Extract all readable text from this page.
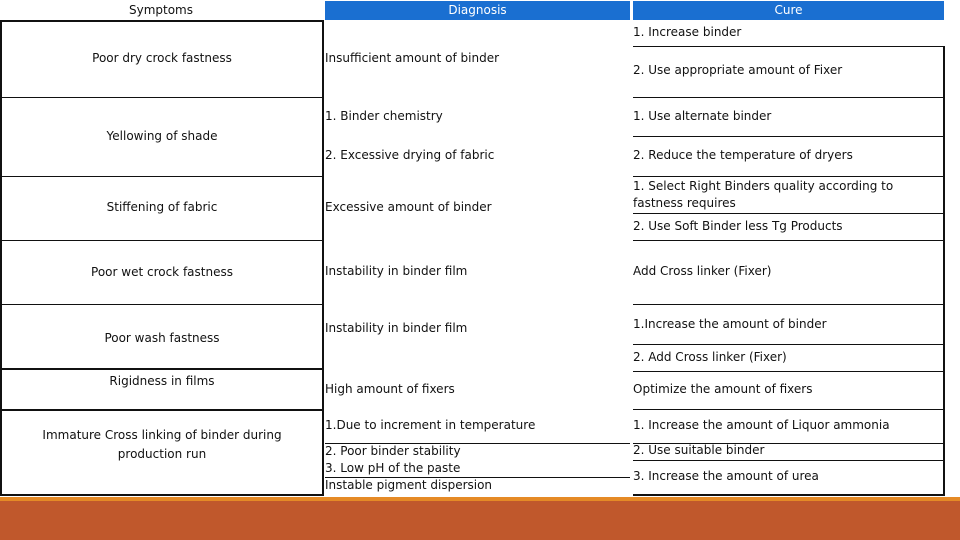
Symptoms	Diagnosis	Cure
Poor dry crock fastness
Yellowing of shade
Stiffening of fabric
Poor wet crock fastness
Poor wash fastness
Rigidness in films
Immature Cross linking of binder during production run
Insufficient amount of binder
1. Binder chemistry
2. Excessive drying of fabric
Excessive amount of binder
Instability in binder film
Instability in binder film
High amount of fixers
1.Due to increment in temperature
2. Poor binder stability
3. Low pH of the paste
Instable pigment dispersion
1. Increase binder
2. Use appropriate amount of Fixer
1. Use alternate binder
2. Reduce the temperature of dryers
1. Select Right Binders quality according to fastness requires
2. Use Soft Binder less Tg Products
Add Cross linker (Fixer)
1.Increase the amount of binder
2. Add Cross linker (Fixer)
Optimize the amount of fixers
1. Increase the amount of Liquor ammonia
2. Use suitable binder
3. Increase the amount of urea
